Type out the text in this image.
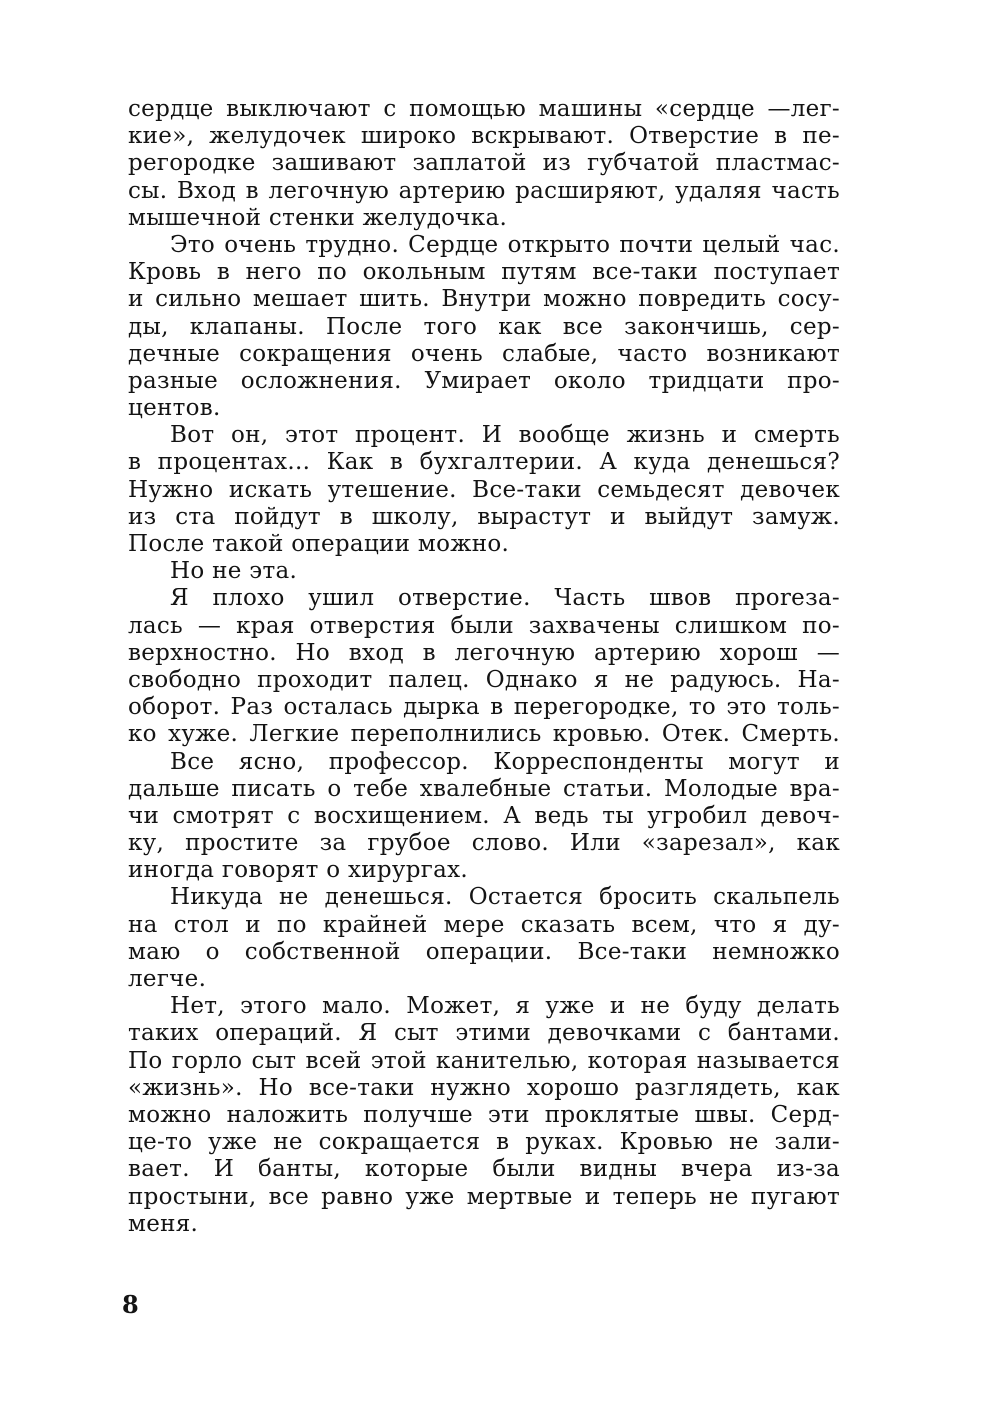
сердце выключают с помощью машины «сердце —лег-
кие», желудочек широко вскрывают. Отверстие в пе-
регородке зашивают заплатой из губчатой пластмас-
сы. Вход в легочную артерию расширяют, удаляя часть
мышечной стенки желудочка.
Это очень трудно. Сердце открыто почти целый час.
Кровь в него по окольным путям все-таки поступает
и сильно мешает шить. Внутри можно повредить сосу-
ды, клапаны. После того как все закончишь, сер-
дечные сокращения очень слабые, часто возникают
разные осложнения. Умирает около тридцати про-
центов.
Вот он, этот процент. И вообще жизнь и смерть
в процентах... Как в бухгалтерии. А куда денешься?
Нужно искать утешение. Все-таки семьдесят девочек
из ста пойдут в школу, вырастут и выйдут замуж.
После такой операции можно.
Но не эта.
Я плохо ушил отверстие. Часть швов проreза-
лась — края отверстия были захвачены слишком по-
верхностно. Но вход в легочную артерию хорош —
свободно проходит палец. Однако я не радуюсь. На-
оборот. Раз осталась дырка в перегородке, то это толь-
ко хуже. Легкие переполнились кровью. Отек. Смерть.
Все ясно, профессор. Корреспонденты могут и
дальше писать о тебе хвалебные статьи. Молодые вра-
чи смотрят с восхищением. А ведь ты угробил девоч-
ку, простите за грубое слово. Или «зарезал», как
иногда говорят о хирургах.
Никуда не денешься. Остается бросить скальпель
на стол и по крайней мере сказать всем, что я ду-
маю о собственной операции. Все-таки немножко
легче.
Нет, этого мало. Может, я уже и не буду делать
таких операций. Я сыт этими девочками с бантами.
По горло сыт всей этой канителью, которая называется
«жизнь». Но все-таки нужно хорошо разглядеть, как
можно наложить получше эти проклятые швы. Серд-
це-то уже не сокращается в руках. Кровью не зали-
вает. И банты, которые были видны вчера из-за
простыни, все равно уже мертвые и теперь не пугают
меня.
8
